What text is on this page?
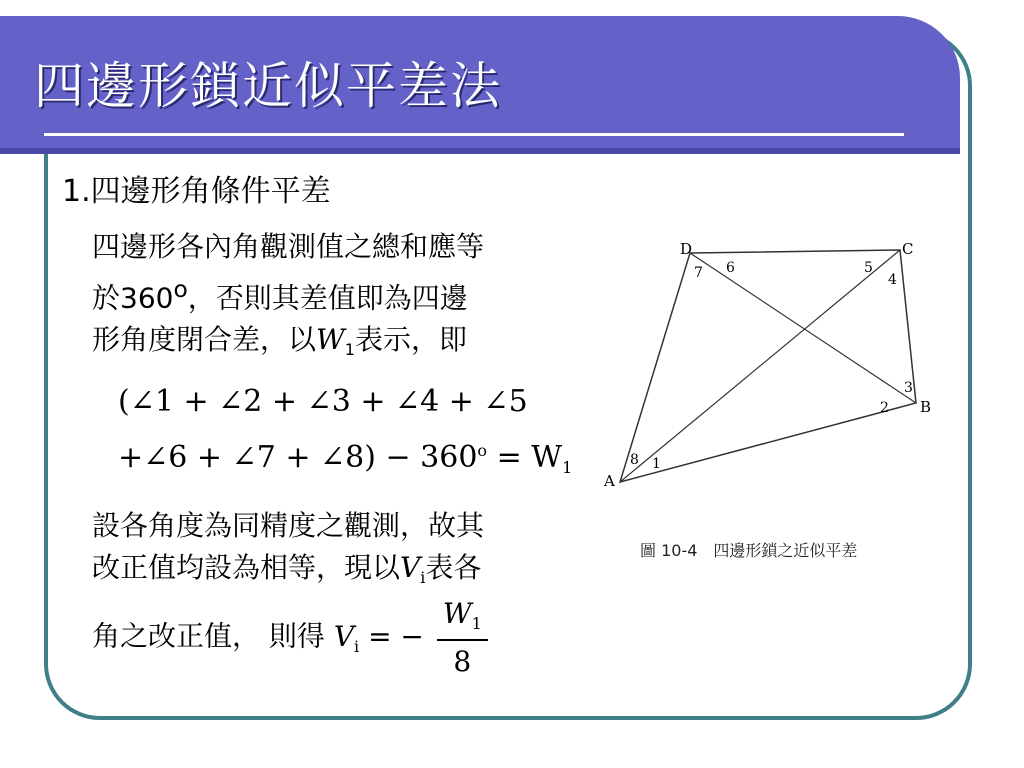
四邊形鎖近似平差法
1.四邊形角條件平差

四邊形各內角觀測值之總和應等
於360$^o$，否則其差值即為四邊
形角度閉合差，以$W_1$表示，即

(∠1 + ∠2 + ∠3 + ∠4 + ∠5
+∠6 + ∠7 + ∠8) − $360^o = W_1$

設各角度為同精度之觀測，故其
改正值均設為相等，現以$V_i$表各
角之改正值， 則得 $V_i$ = − $\frac{W_1}{8}$

A
B
C
D
1
2
3
4
5
6
7
8
圖 10-4　四邊形鎖之近似平差
